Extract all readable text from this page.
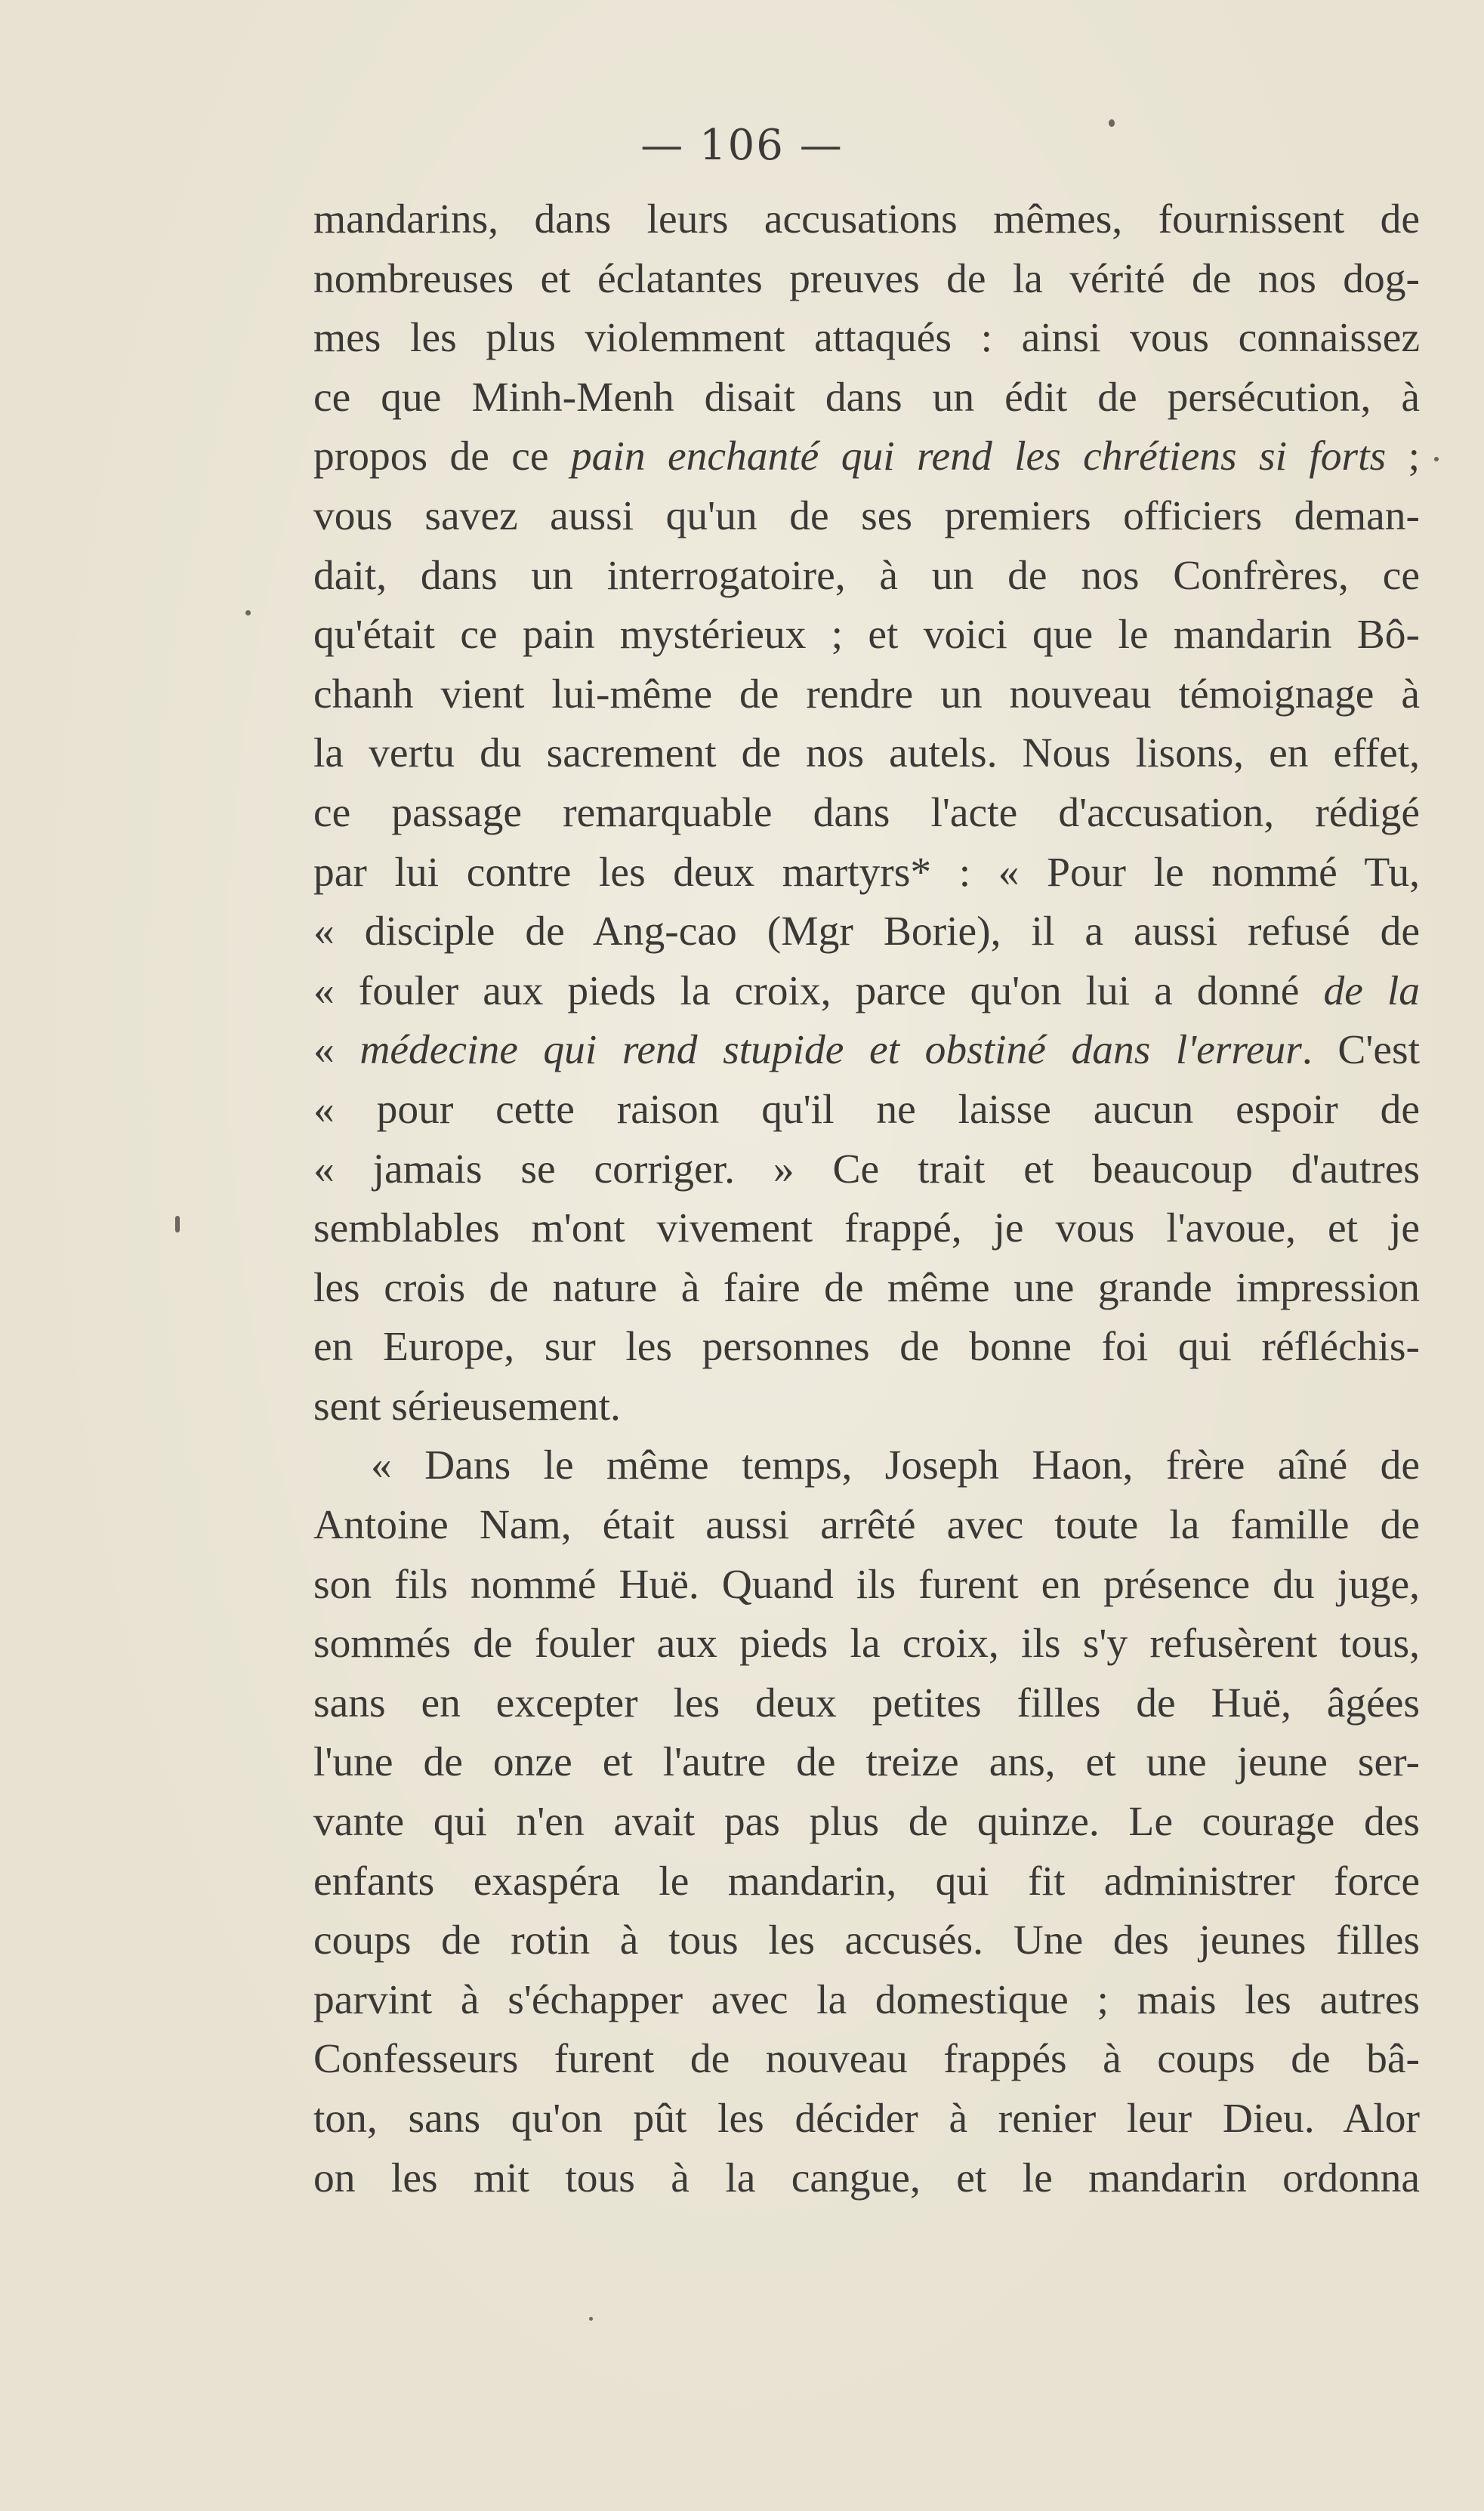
— 106 —
mandarins, dans leurs accusations mêmes, fournissent de
nombreuses et éclatantes preuves de la vérité de nos dog-
mes les plus violemment attaqués : ainsi vous connaissez
ce que Minh-Menh disait dans un édit de persécution, à
propos de ce pain enchanté qui rend les chrétiens si forts ;
vous savez aussi qu'un de ses premiers officiers deman-
dait, dans un interrogatoire, à un de nos Confrères, ce
qu'était ce pain mystérieux ; et voici que le mandarin Bô-
chanh vient lui-même de rendre un nouveau témoignage à
la vertu du sacrement de nos autels. Nous lisons, en effet,
ce passage remarquable dans l'acte d'accusation, rédigé
par lui contre les deux martyrs* : « Pour le nommé Tu,
« disciple de Ang-cao (Mgr Borie), il a aussi refusé de
« fouler aux pieds la croix, parce qu'on lui a donné de la
« médecine qui rend stupide et obstiné dans l'erreur. C'est
« pour cette raison qu'il ne laisse aucun espoir de
« jamais se corriger. » Ce trait et beaucoup d'autres
semblables m'ont vivement frappé, je vous l'avoue, et je
les crois de nature à faire de même une grande impression
en Europe, sur les personnes de bonne foi qui réfléchis-
sent sérieusement.
« Dans le même temps, Joseph Haon, frère aîné de
Antoine Nam, était aussi arrêté avec toute la famille de
son fils nommé Huë. Quand ils furent en présence du juge,
sommés de fouler aux pieds la croix, ils s'y refusèrent tous,
sans en excepter les deux petites filles de Huë, âgées
l'une de onze et l'autre de treize ans, et une jeune ser-
vante qui n'en avait pas plus de quinze. Le courage des
enfants exaspéra le mandarin, qui fit administrer force
coups de rotin à tous les accusés. Une des jeunes filles
parvint à s'échapper avec la domestique ; mais les autres
Confesseurs furent de nouveau frappés à coups de bâ-
ton, sans qu'on pût les décider à renier leur Dieu. Alor
on les mit tous à la cangue, et le mandarin ordonna
